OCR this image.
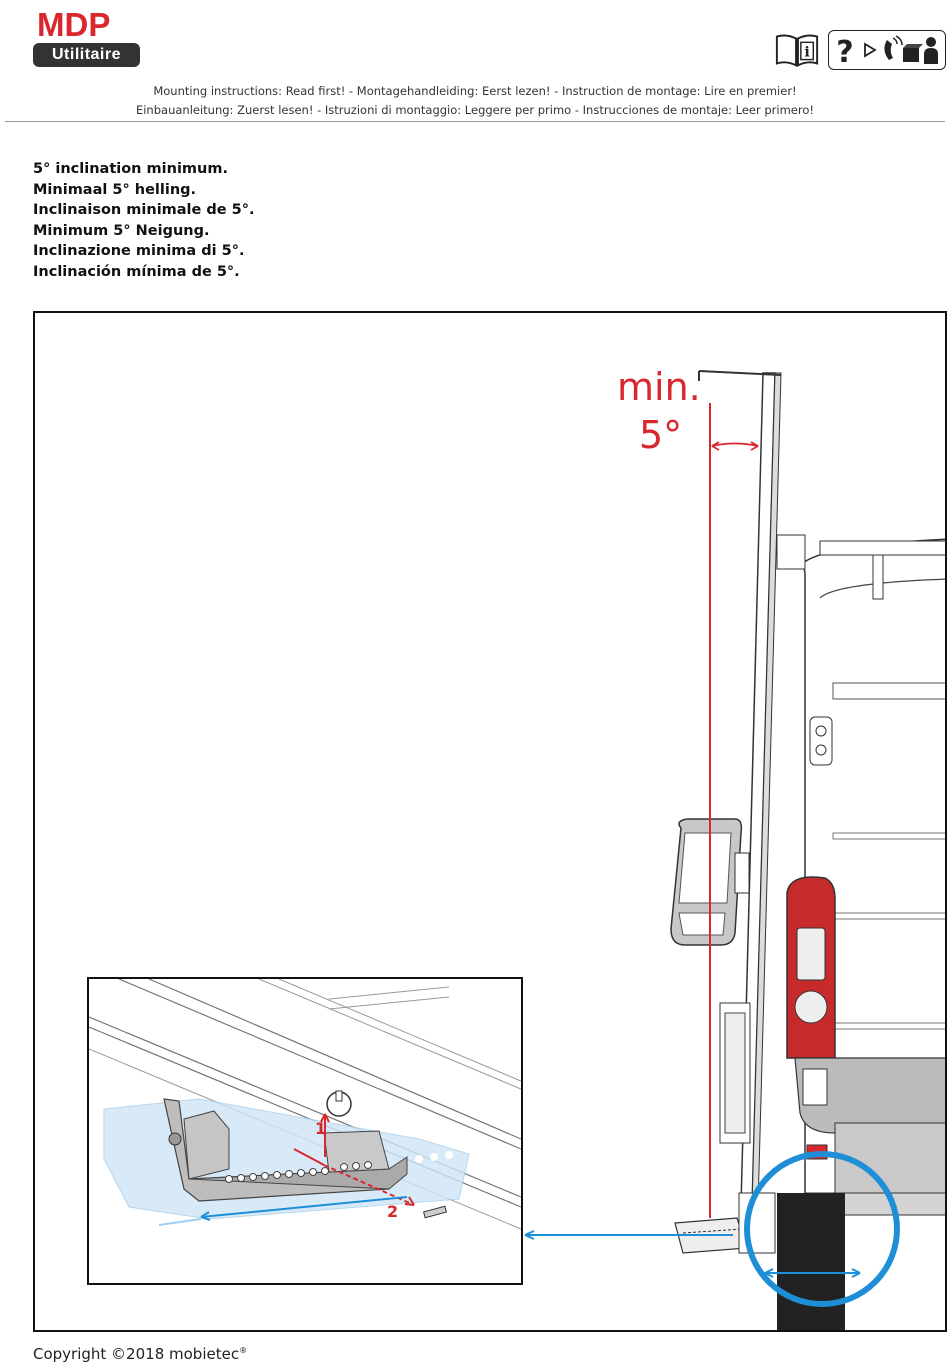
MDP
Utilitaire	i ?
Mounting instructions: Read first! - Montagehandleiding: Eerst lezen! - Instruction de montage: Lire en premier!
Einbauanleitung: Zuerst lesen! - Istruzioni di montaggio: Leggere per primo - Instrucciones de montaje: Leer primero!
5° inclination minimum.
Minimaal 5° helling.
Inclinaison minimale de 5°.
Minimum 5° Neigung.
Inclinazione minima di 5°.
Inclinación mínima de 5°.
min.
5°
1
2
Copyright ©2018 mobietec®
